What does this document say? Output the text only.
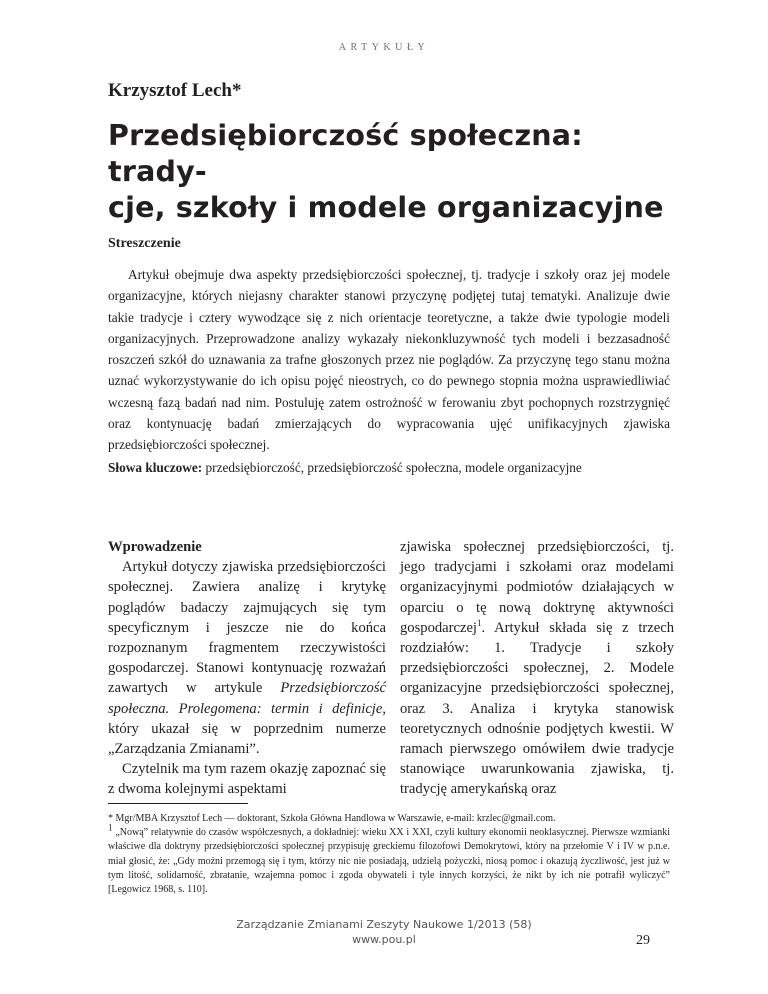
ARTYKUŁY
Krzysztof Lech*
Przedsiębiorczość społeczna: trady-
cje, szkoły i modele organizacyjne
Streszczenie

Artykuł obejmuje dwa aspekty przedsiębiorczości społecznej, tj. tradycje i szkoły oraz jej modele organizacyjne, których niejasny charakter stanowi przyczynę podjętej tutaj tematyki. Analizuje dwie takie tradycje i cztery wywodzące się z nich orientacje teoretyczne, a także dwie typologie modeli organizacyjnych. Przeprowadzone analizy wykazały niekonkluzywność tych modeli i bezzasadność roszczeń szkół do uznawania za trafne głoszonych przez nie poglądów. Za przyczynę tego stanu można uznać wykorzystywanie do ich opisu pojęć nieostrych, co do pewnego stopnia można usprawiedliwiać wczesną fazą badań nad nim. Postuluję zatem ostrożność w ferowaniu zbyt pochopnych rozstrzygnięć oraz kontynuację badań zmierzających do wypracowania ujęć unifikacyjnych zjawiska przedsiębiorczości społecznej.

Słowa kluczowe: przedsiębiorczość, przedsiębiorczość społeczna, modele organizacyjne

Wprowadzenie

Artykuł dotyczy zjawiska przedsiębiorczości społecznej. Zawiera analizę i krytykę poglądów badaczy zajmujących się tym specyficznym i jeszcze nie do końca rozpoznanym fragmentem rzeczywistości gospodarczej. Stanowi kontynuację rozważań zawartych w artykule Przedsiębiorczość społeczna. Prolegomena: termin i definicje, który ukazał się w poprzednim numerze „Zarządzania Zmianami”.

Czytelnik ma tym razem okazję zapoznać się z dwoma kolejnymi aspektami

zjawiska społecznej przedsiębiorczości, tj. jego tradycjami i szkołami oraz modelami organizacyjnymi podmiotów działających w oparciu o tę nową doktrynę aktywności gospodarczej$^1$. Artykuł składa się z trzech rozdziałów: 1. Tradycje i szkoły przedsiębiorczości społecznej, 2. Modele organizacyjne przedsiębiorczości społecznej, oraz 3. Analiza i krytyka stanowisk teoretycznych odnośnie podjętych kwestii. W ramach pierwszego omówiłem dwie tradycje stanowiące uwarunkowania zjawiska, tj. tradycję amerykańską oraz

* Mgr/MBA Krzysztof Lech — doktorant, Szkoła Główna Handlowa w Warszawie, e-mail: krzlec@gmail.com.

$^1$ „Nową” relatywnie do czasów współczesnych, a dokładniej: wieku XX i XXI, czyli kultury ekonomii neoklasycznej. Pierwsze wzmianki właściwe dla doktryny przedsiębiorczości społecznej przypisuję greckiemu filozofowi Demokrytowi, który na przełomie V i IV w p.n.e. miał głosić, że: „Gdy możni przemogą się i tym, którzy nic nie posiadają, udzielą pożyczki, niosą pomoc i okazują życzliwość, jest już w tym litość, solidarność, zbratanie, wzajemna pomoc i zgoda obywateli i tyle innych korzyści, że nikt by ich nie potrafił wyliczyć” [Legowicz 1968, s. 110].

Zarządzanie Zmianami Zeszyty Naukowe 1/2013 (58)
www.pou.pl	29
